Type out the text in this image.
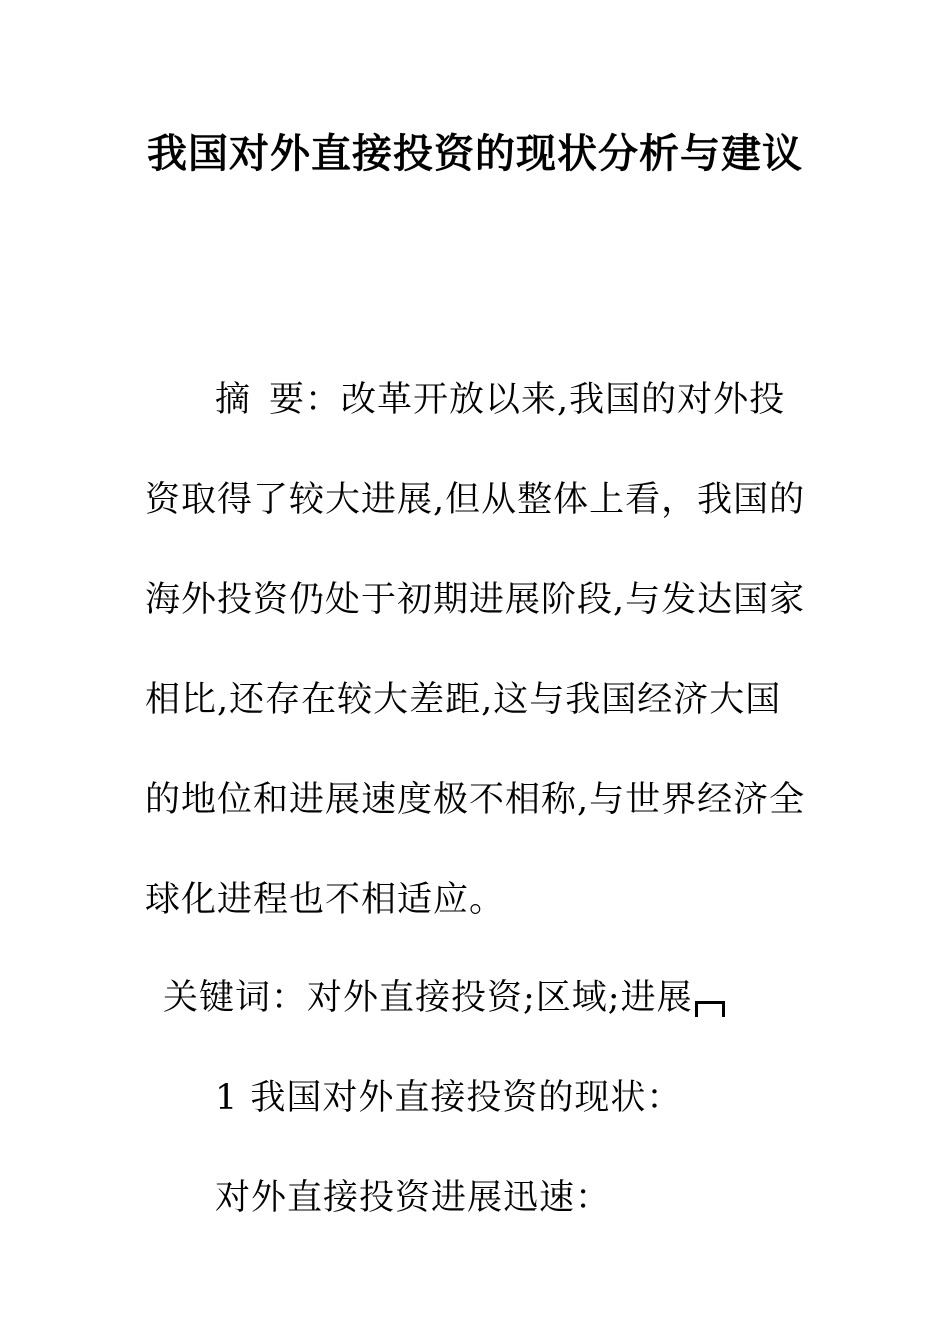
我国对外直接投资的现状分析与建议
摘 要：改革开放以来,我国的对外投
资取得了较大进展,但从整体上看，我国的
海外投资仍处于初期进展阶段,与发达国家
相比,还存在较大差距,这与我国经济大国
的地位和进展速度极不相称,与世界经济全
球化进程也不相适应。
关键词：对外直接投资;区域;进展
1 我国对外直接投资的现状：
对外直接投资进展迅速：
